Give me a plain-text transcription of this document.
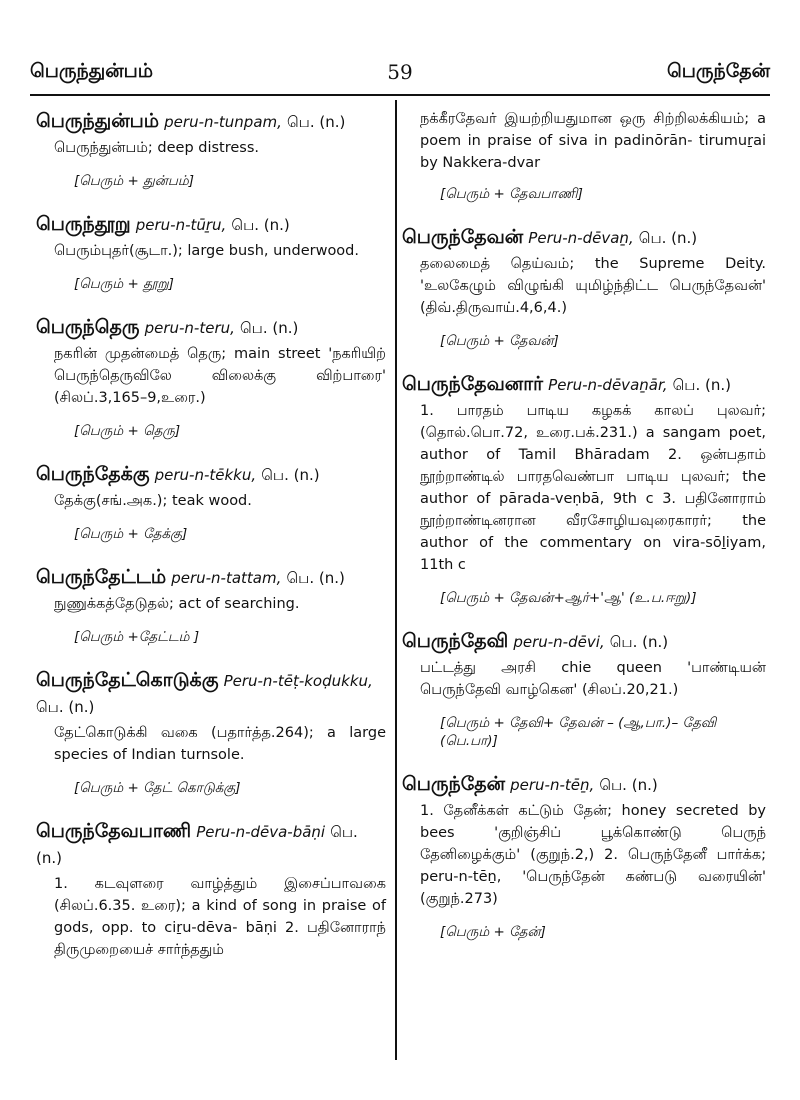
பெருந்துன்பம்	59	பெருந்தேன்
பெருந்துன்பம் peru-n-tunpam, பெ. (n.)
பெருந்துன்பம்; deep distress.
[பெரும் + துன்பம்]
பெருந்தூறு peru-n-tūṟu, பெ. (n.)
பெரும்புதர்(சூடா.); large bush, underwood.
[பெரும் + தூறு]
பெருந்தெரு peru-n-teru, பெ. (n.)
நகரின் முதன்மைத் தெரு; main street 'நகரியிற் பெருந்தெருவிலே விலைக்கு விற்பாரை' (சிலப்.3,165–9,உரை.)
[பெரும் + தெரு]
பெருந்தேக்கு peru-n-tēkku, பெ. (n.)
தேக்கு(சங்.அக.); teak wood.
[பெரும் + தேக்கு]
பெருந்தேட்டம் peru-n-tattam, பெ. (n.)
நுணுக்கத்தேடுதல்; act of searching.
[பெரும் +தேட்டம் ]
பெருந்தேட்கொடுக்கு Peru-n-tēṭ-koḍukku, பெ. (n.)
தேட்கொடுக்கி வகை (பதார்த்த.264); a large species of Indian turnsole.
[பெரும் + தேட் கொடுக்கு]
பெருந்தேவபாணி Peru-n-dēva-bāṇi பெ. (n.)
1. கடவுளரை வாழ்த்தும் இசைப்பாவகை (சிலப்.6.35. உரை); a kind of song in praise of gods, opp. to ciṟu-dēva- bāṇi 2. பதினோராந் திருமுறையைச் சார்ந்ததும்
நக்கீரதேவர் இயற்றியதுமான ஒரு சிற்றிலக்கியம்; a poem in praise of siva in padinōrān- tirumuṟai by Nakkera-dvar
[பெரும் + தேவபாணி]
பெருந்தேவன் Peru-n-dēvaṉ, பெ. (n.)
தலைமைத் தெய்வம்; the Supreme Deity. 'உலகேழும் விழுங்கி யுமிழ்ந்திட்ட பெருந்தேவன்' (திவ்.திருவாய்.4,6,4.)
[பெரும் + தேவன்]
பெருந்தேவனார் Peru-n-dēvaṉār, பெ. (n.)
1. பாரதம் பாடிய கழகக் காலப் புலவர்; (தொல்.பொ.72, உரை.பக்.231.) a sangam poet, author of Tamil Bhāradam 2. ஒன்பதாம் நூற்றாண்டில் பாரதவெண்பா பாடிய புலவர்; the author of pārada-veṇbā, 9th c 3. பதினோராம் நூற்றாண்டினரான வீரசோழியவுரைகாரர்; the author of the commentary on vira-sōḻiyam, 11th c
[பெரும் + தேவன்+ஆர்+'ஆ' (உ.ப.ஈறு)]
பெருந்தேவி peru-n-dēvi, பெ. (n.)
பட்டத்து அரசி chie queen 'பாண்டியன் பெருந்தேவி வாழ்கென' (சிலப்.20,21.)
[பெரும் + தேவி+ தேவன் – (ஆ,பா.)– தேவி (பெ.பா)]
பெருந்தேன் peru-n-tēṉ, பெ. (n.)
1. தேனீக்கள் கட்டும் தேன்; honey secreted by bees 'குறிஞ்சிப் பூக்கொண்டு பெருந் தேனிழைக்கும்' (குறுந்.2,) 2. பெருந்தேனீ பார்க்க; peru-n-tēṉ, 'பெருந்தேன் கண்படு வரையின்' (குறுந்.273)
[பெரும் + தேன்]
